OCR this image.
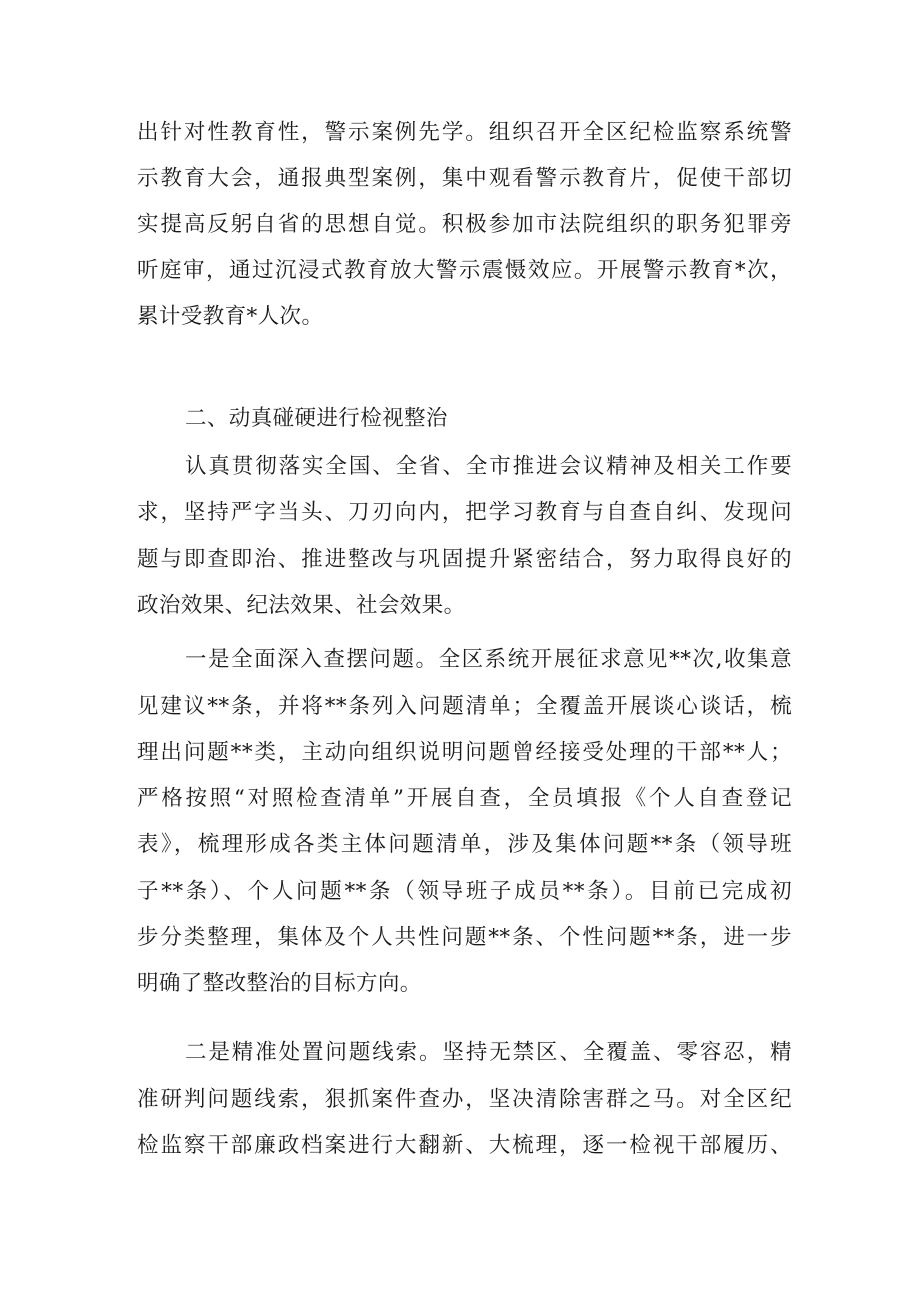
出针对性教育性，警示案例先学。组织召开全区纪检监察系统警
示教育大会，通报典型案例，集中观看警示教育片，促使干部切
实提高反躬自省的思想自觉。积极参加市法院组织的职务犯罪旁
听庭审，通过沉浸式教育放大警示震慑效应。开展警示教育*次，
累计受教育*人次。
二、动真碰硬进行检视整治
认真贯彻落实全国、全省、全市推进会议精神及相关工作要
求，坚持严字当头、刀刃向内，把学习教育与自查自纠、发现问
题与即查即治、推进整改与巩固提升紧密结合，努力取得良好的
政治效果、纪法效果、社会效果。
一是全面深入查摆问题。全区系统开展征求意见**次,收集意
见建议**条，并将**条列入问题清单；全覆盖开展谈心谈话，梳
理出问题**类，主动向组织说明问题曾经接受处理的干部**人；
严格按照“对照检查清单”开展自查，全员填报《个人自查登记
表》，梳理形成各类主体问题清单，涉及集体问题**条（领导班
子**条）、个人问题**条（领导班子成员**条）。目前已完成初
步分类整理，集体及个人共性问题**条、个性问题**条，进一步
明确了整改整治的目标方向。
二是精准处置问题线索。坚持无禁区、全覆盖、零容忍，精
准研判问题线索，狠抓案件查办，坚决清除害群之马。对全区纪
检监察干部廉政档案进行大翻新、大梳理，逐一检视干部履历、
